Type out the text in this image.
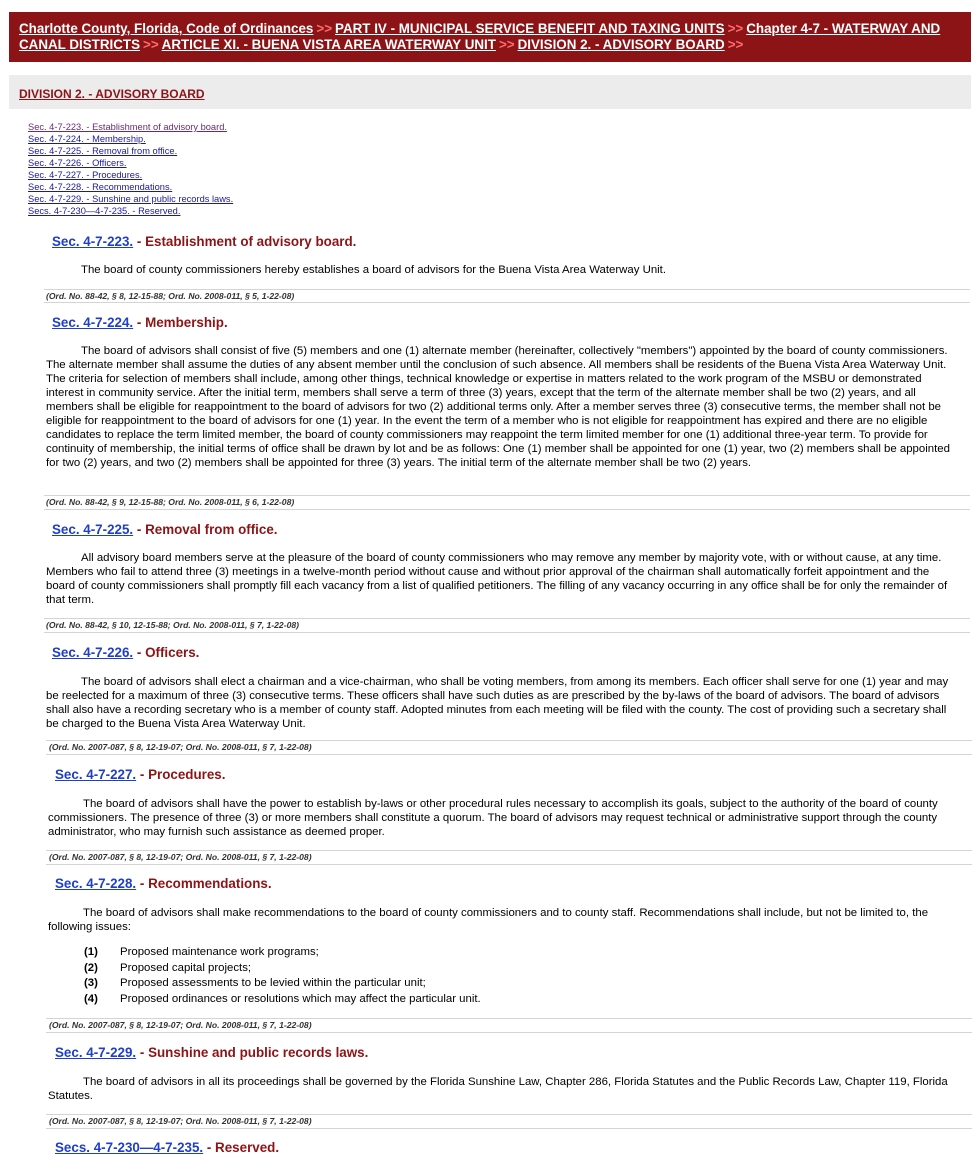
Charlotte County, Florida, Code of Ordinances >> PART IV - MUNICIPAL SERVICE BENEFIT AND TAXING UNITS >> Chapter 4-7 - WATERWAY AND CANAL DISTRICTS >> ARTICLE XI. - BUENA VISTA AREA WATERWAY UNIT >> DIVISION 2. - ADVISORY BOARD >>
DIVISION 2. - ADVISORY BOARD
Sec. 4-7-223. - Establishment of advisory board.
Sec. 4-7-224. - Membership.
Sec. 4-7-225. - Removal from office.
Sec. 4-7-226. - Officers.
Sec. 4-7-227. - Procedures.
Sec. 4-7-228. - Recommendations.
Sec. 4-7-229. - Sunshine and public records laws.
Secs. 4-7-230—4-7-235. - Reserved.
Sec. 4-7-223. - Establishment of advisory board.

The board of county commissioners hereby establishes a board of advisors for the Buena Vista Area Waterway Unit.

(Ord. No. 88-42, § 8, 12-15-88; Ord. No. 2008-011, § 5, 1-22-08)
Sec. 4-7-224. - Membership.

The board of advisors shall consist of five (5) members and one (1) alternate member (hereinafter, collectively "members") appointed by the board of county commissioners. The alternate member shall assume the duties of any absent member until the conclusion of such absence. All members shall be residents of the Buena Vista Area Waterway Unit. The criteria for selection of members shall include, among other things, technical knowledge or expertise in matters related to the work program of the MSBU or demonstrated interest in community service. After the initial term, members shall serve a term of three (3) years, except that the term of the alternate member shall be two (2) years, and all members shall be eligible for reappointment to the board of advisors for two (2) additional terms only. After a member serves three (3) consecutive terms, the member shall not be eligible for reappointment to the board of advisors for one (1) year. In the event the term of a member who is not eligible for reappointment has expired and there are no eligible candidates to replace the term limited member, the board of county commissioners may reappoint the term limited member for one (1) additional three-year term. To provide for continuity of membership, the initial terms of office shall be drawn by lot and be as follows: One (1) member shall be appointed for one (1) year, two (2) members shall be appointed for two (2) years, and two (2) members shall be appointed for three (3) years. The initial term of the alternate member shall be two (2) years.

(Ord. No. 88-42, § 9, 12-15-88; Ord. No. 2008-011, § 6, 1-22-08)
Sec. 4-7-225. - Removal from office.

All advisory board members serve at the pleasure of the board of county commissioners who may remove any member by majority vote, with or without cause, at any time. Members who fail to attend three (3) meetings in a twelve-month period without cause and without prior approval of the chairman shall automatically forfeit appointment and the board of county commissioners shall promptly fill each vacancy from a list of qualified petitioners. The filling of any vacancy occurring in any office shall be for only the remainder of that term.

(Ord. No. 88-42, § 10, 12-15-88; Ord. No. 2008-011, § 7, 1-22-08)
Sec. 4-7-226. - Officers.

The board of advisors shall elect a chairman and a vice-chairman, who shall be voting members, from among its members. Each officer shall serve for one (1) year and may be reelected for a maximum of three (3) consecutive terms. These officers shall have such duties as are prescribed by the by-laws of the board of advisors. The board of advisors shall also have a recording secretary who is a member of county staff. Adopted minutes from each meeting will be filed with the county. The cost of providing such a secretary shall be charged to the Buena Vista Area Waterway Unit.

(Ord. No. 2007-087, § 8, 12-19-07; Ord. No. 2008-011, § 7, 1-22-08)
Sec. 4-7-227. - Procedures.

The board of advisors shall have the power to establish by-laws or other procedural rules necessary to accomplish its goals, subject to the authority of the board of county commissioners. The presence of three (3) or more members shall constitute a quorum. The board of advisors may request technical or administrative support through the county administrator, who may furnish such assistance as deemed proper.

(Ord. No. 2007-087, § 8, 12-19-07; Ord. No. 2008-011, § 7, 1-22-08)
Sec. 4-7-228. - Recommendations.

The board of advisors shall make recommendations to the board of county commissioners and to county staff. Recommendations shall include, but not be limited to, the following issues:

(1)	Proposed maintenance work programs;
(2)	Proposed capital projects;
(3)	Proposed assessments to be levied within the particular unit;
(4)	Proposed ordinances or resolutions which may affect the particular unit.
(Ord. No. 2007-087, § 8, 12-19-07; Ord. No. 2008-011, § 7, 1-22-08)
Sec. 4-7-229. - Sunshine and public records laws.

The board of advisors in all its proceedings shall be governed by the Florida Sunshine Law, Chapter 286, Florida Statutes and the Public Records Law, Chapter 119, Florida Statutes.

(Ord. No. 2007-087, § 8, 12-19-07; Ord. No. 2008-011, § 7, 1-22-08)
Secs. 4-7-230—4-7-235. - Reserved.
